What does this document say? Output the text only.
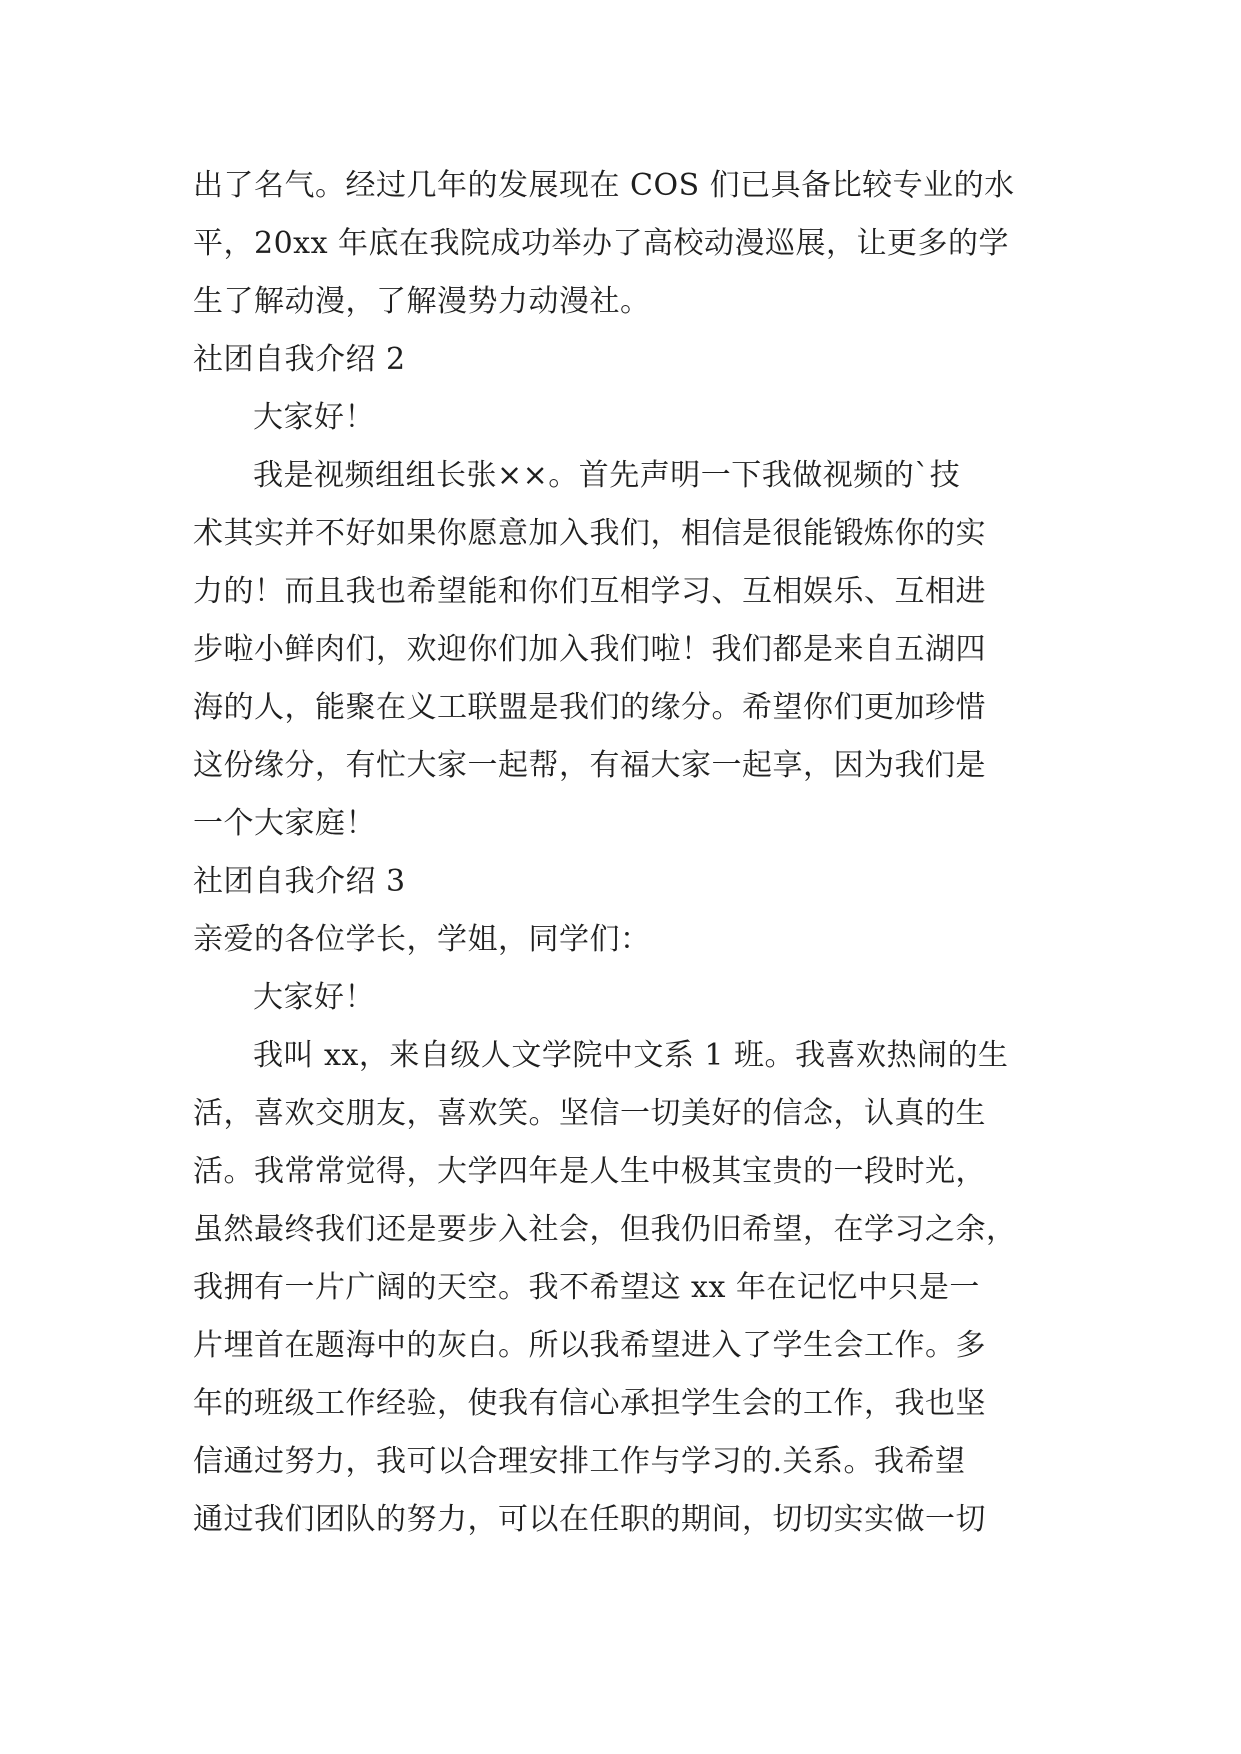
出了名气。经过几年的发展现在 COS 们已具备比较专业的水
平，20xx 年底在我院成功举办了高校动漫巡展，让更多的学
生了解动漫，了解漫势力动漫社。
社团自我介绍 2
大家好！
我是视频组组长张××。首先声明一下我做视频的`技
术其实并不好如果你愿意加入我们，相信是很能锻炼你的实
力的！而且我也希望能和你们互相学习、互相娱乐、互相进
步啦小鲜肉们，欢迎你们加入我们啦！我们都是来自五湖四
海的人，能聚在义工联盟是我们的缘分。希望你们更加珍惜
这份缘分，有忙大家一起帮，有福大家一起享，因为我们是
一个大家庭！
社团自我介绍 3
亲爱的各位学长，学姐，同学们：
大家好！
我叫 xx，来自级人文学院中文系 1 班。我喜欢热闹的生
活，喜欢交朋友，喜欢笑。坚信一切美好的信念，认真的生
活。我常常觉得，大学四年是人生中极其宝贵的一段时光，
虽然最终我们还是要步入社会，但我仍旧希望，在学习之余，
我拥有一片广阔的天空。我不希望这 xx 年在记忆中只是一
片埋首在题海中的灰白。所以我希望进入了学生会工作。多
年的班级工作经验，使我有信心承担学生会的工作，我也坚
信通过努力，我可以合理安排工作与学习的.关系。我希望
通过我们团队的努力，可以在任职的期间，切切实实做一切
